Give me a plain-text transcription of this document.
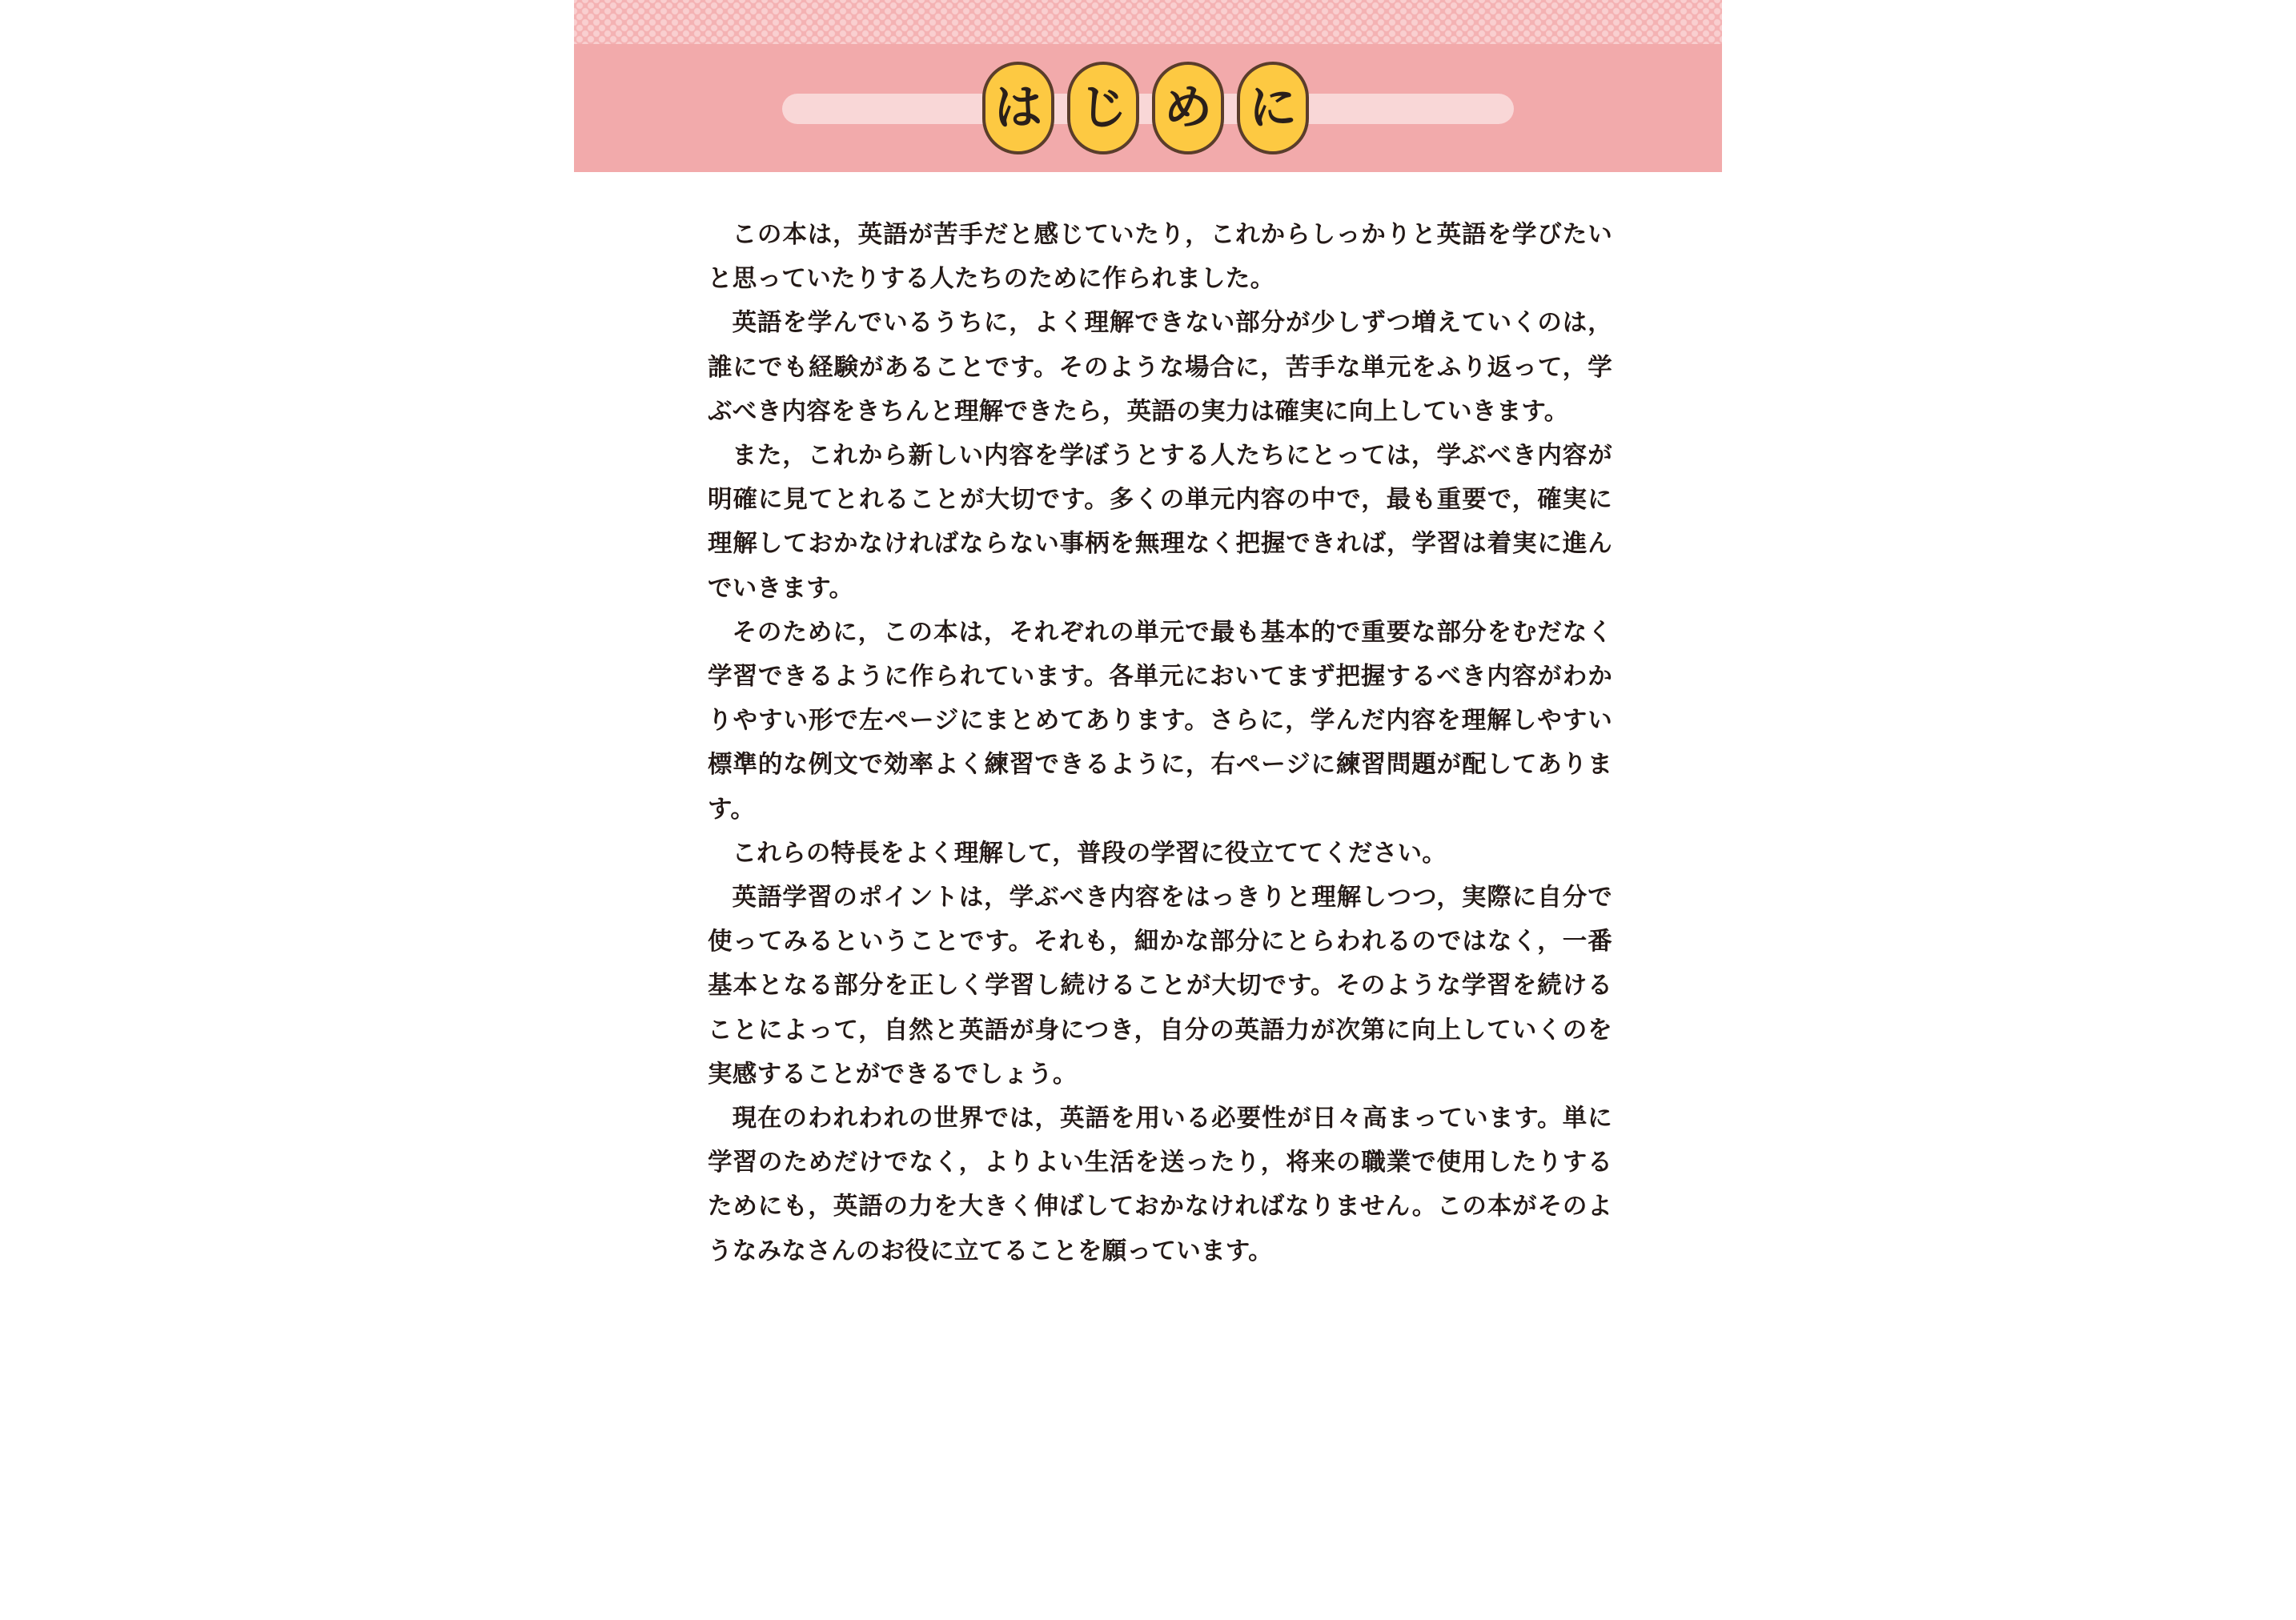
は じ め に

この本は，英語が苦手だと感じていたり，これからしっかりと英語を学びたいと思っていたりする人たちのために作られました。

英語を学んでいるうちに，よく理解できない部分が少しずつ増えていくのは，誰にでも経験があることです。そのような場合に，苦手な単元をふり返って，学ぶべき内容をきちんと理解できたら，英語の実力は確実に向上していきます。

また，これから新しい内容を学ぼうとする人たちにとっては，学ぶべき内容が明確に見てとれることが大切です。多くの単元内容の中で，最も重要で，確実に理解しておかなければならない事柄を無理なく把握できれば，学習は着実に進んでいきます。

そのために，この本は，それぞれの単元で最も基本的で重要な部分をむだなく学習できるように作られています。各単元においてまず把握するべき内容がわかりやすい形で左ページにまとめてあります。さらに，学んだ内容を理解しやすい標準的な例文で効率よく練習できるように，右ページに練習問題が配してあります。

これらの特長をよく理解して，普段の学習に役立ててください。

英語学習のポイントは，学ぶべき内容をはっきりと理解しつつ，実際に自分で使ってみるということです。それも，細かな部分にとらわれるのではなく，一番基本となる部分を正しく学習し続けることが大切です。そのような学習を続けることによって，自然と英語が身につき，自分の英語力が次第に向上していくのを実感することができるでしょう。

現在のわれわれの世界では，英語を用いる必要性が日々高まっています。単に学習のためだけでなく，よりよい生活を送ったり，将来の職業で使用したりするためにも，英語の力を大きく伸ばしておかなければなりません。この本がそのようなみなさんのお役に立てることを願っています。
